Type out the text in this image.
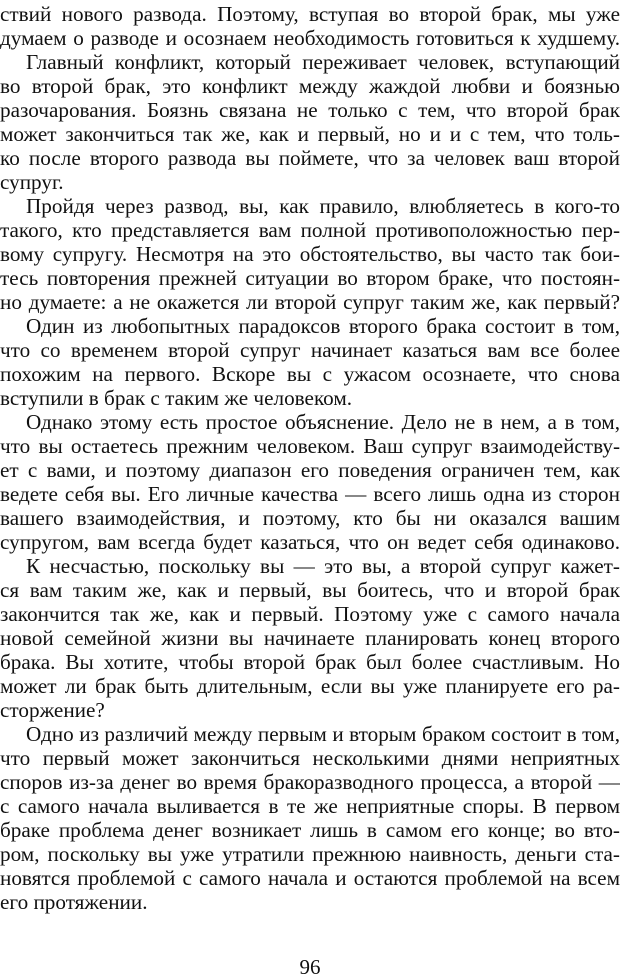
ствий нового развода. Поэтому, вступая во второй брак, мы уже
думаем о разводе и осознаем необходимость готовиться к худшему.
Главный конфликт, который переживает человек, вступающий
во второй брак, это конфликт между жаждой любви и боязнью
разочарования. Боязнь связана не только с тем, что второй брак
может закончиться так же, как и первый, но и и с тем, что толь-
ко после второго развода вы поймете, что за человек ваш второй
супруг.
Пройдя через развод, вы, как правило, влюбляетесь в кого-то
такого, кто представляется вам полной противоположностью пер-
вому супругу. Несмотря на это обстоятельство, вы часто так бои-
тесь повторения прежней ситуации во втором браке, что постоян-
но думаете: а не окажется ли второй супруг таким же, как первый?
Один из любопытных парадоксов второго брака состоит в том,
что со временем второй супруг начинает казаться вам все более
похожим на первого. Вскоре вы с ужасом осознаете, что снова
вступили в брак с таким же человеком.
Однако этому есть простое объяснение. Дело не в нем, а в том,
что вы остаетесь прежним человеком. Ваш супруг взаимодейству-
ет с вами, и поэтому диапазон его поведения ограничен тем, как
ведете себя вы. Его личные качества — всего лишь одна из сторон
вашего взаимодействия, и поэтому, кто бы ни оказался вашим
супругом, вам всегда будет казаться, что он ведет себя одинаково.
К несчастью, поскольку вы — это вы, а второй супруг кажет-
ся вам таким же, как и первый, вы боитесь, что и второй брак
закончится так же, как и первый. Поэтому уже с самого начала
новой семейной жизни вы начинаете планировать конец второго
брака. Вы хотите, чтобы второй брак был более счастливым. Но
может ли брак быть длительным, если вы уже планируете его ра-
сторжение?
Одно из различий между первым и вторым браком состоит в том,
что первый может закончиться несколькими днями неприятных
споров из-за денег во время бракоразводного процесса, а второй —
с самого начала выливается в те же неприятные споры. В первом
браке проблема денег возникает лишь в самом его конце; во вто-
ром, поскольку вы уже утратили прежнюю наивность, деньги ста-
новятся проблемой с самого начала и остаются проблемой на всем
его протяжении.
96
